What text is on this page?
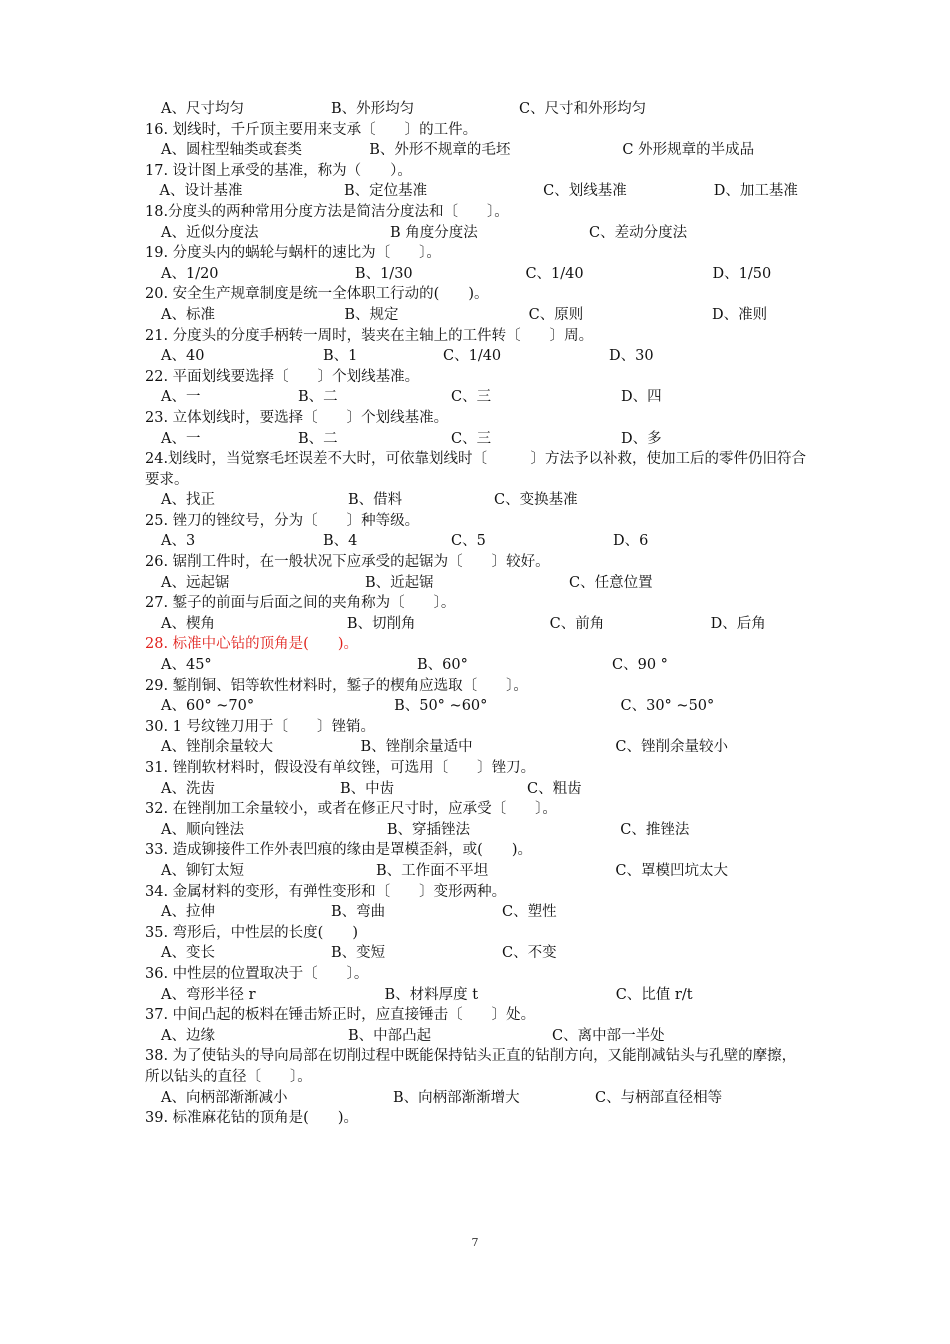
A、尺寸均匀	B、外形均匀	C、尺寸和外形均匀
16. 划线时，千斤顶主要用来支承〔　　〕的工件。
A、圆柱型轴类或套类	B、外形不规章的毛坯	C 外形规章的半成品
17. 设计图上承受的基准，称为（　　）。
　A、设计基准　　　　　　　B、定位基准　　　　　　　　C、划线基准　　　　　　D、加工基准
18.分度头的两种常用分度方法是简洁分度法和〔　　〕。
A、近似分度法	B 角度分度法	C、差动分度法
19. 分度头内的蜗轮与蜗杆的速比为〔　　〕。
A、1/20	B、1/30	C、1/40	D、1/50
20. 安全生产规章制度是统一全体职工行动的(　　)。
A、标准	B、规定	C、原则	D、准则
21. 分度头的分度手柄转一周时，装夹在主轴上的工件转〔　　〕周。
A、40	B、1	C、1/40	D、30
22. 平面划线要选择〔　　〕个划线基准。
A、一	B、二	C、三	D、四
23. 立体划线时，要选择〔　　〕个划线基准。
A、一	B、二	C、三	D、多
24.划线时，当觉察毛坯误差不大时，可依靠划线时〔　　　〕方法予以补救，使加工后的零件仍旧符合要求。
A、找正	B、借料	C、变换基准
25. 锉刀的锉纹号，分为〔　　〕种等级。
A、3	B、4	C、5	D、6
26. 锯削工件时，在一般状况下应承受的起锯为〔　　〕较好。
A、远起锯	B、近起锯	C、任意位置
27. 錾子的前面与后面之间的夹角称为〔　　〕。
A、楔角	B、切削角	C、前角	D、后角
28. 标准中心钻的顶角是(　　)。
A、45°	B、60°	C、90 °
29. 錾削铜、铝等软性材料时，錾子的楔角应选取〔　　〕。
A、60° ~70°	B、50° ~60°	C、30° ~50°
30. 1 号纹锉刀用于〔　　〕锉销。
A、锉削余量较大	B、锉削余量适中	C、锉削余量较小
31. 锉削软材料时，假设没有单纹锉，可选用〔　　〕锉刀。
A、洗齿	B、中齿	C、粗齿
32. 在锉削加工余量较小，或者在修正尺寸时，应承受〔　　〕。
A、顺向锉法	B、穿插锉法	C、推锉法
33. 造成铆接件工作外表凹痕的缘由是罩模歪斜，或(　　)。
A、铆钉太短	B、工作面不平坦	C、罩模凹坑太大
34. 金属材料的变形，有弹性变形和〔　　〕变形两种。
A、拉伸	B、弯曲	C、塑性
35. 弯形后，中性层的长度(　　)
A、变长	B、变短	C、不变
36. 中性层的位置取决于〔　　〕。
A、弯形半径 r	B、材料厚度 t	C、比值 r/t
37. 中间凸起的板料在锤击矫正时，应直接锤击〔　　〕处。
A、边缘	B、中部凸起	C、离中部一半处
38. 为了使钻头的导向局部在切削过程中既能保持钻头正直的钻削方向，又能削减钻头与孔壁的摩擦，所以钻头的直径〔　　〕。
A、向柄部渐渐减小	B、向柄部渐渐增大	C、与柄部直径相等
39. 标准麻花钻的顶角是(　　)。
7
